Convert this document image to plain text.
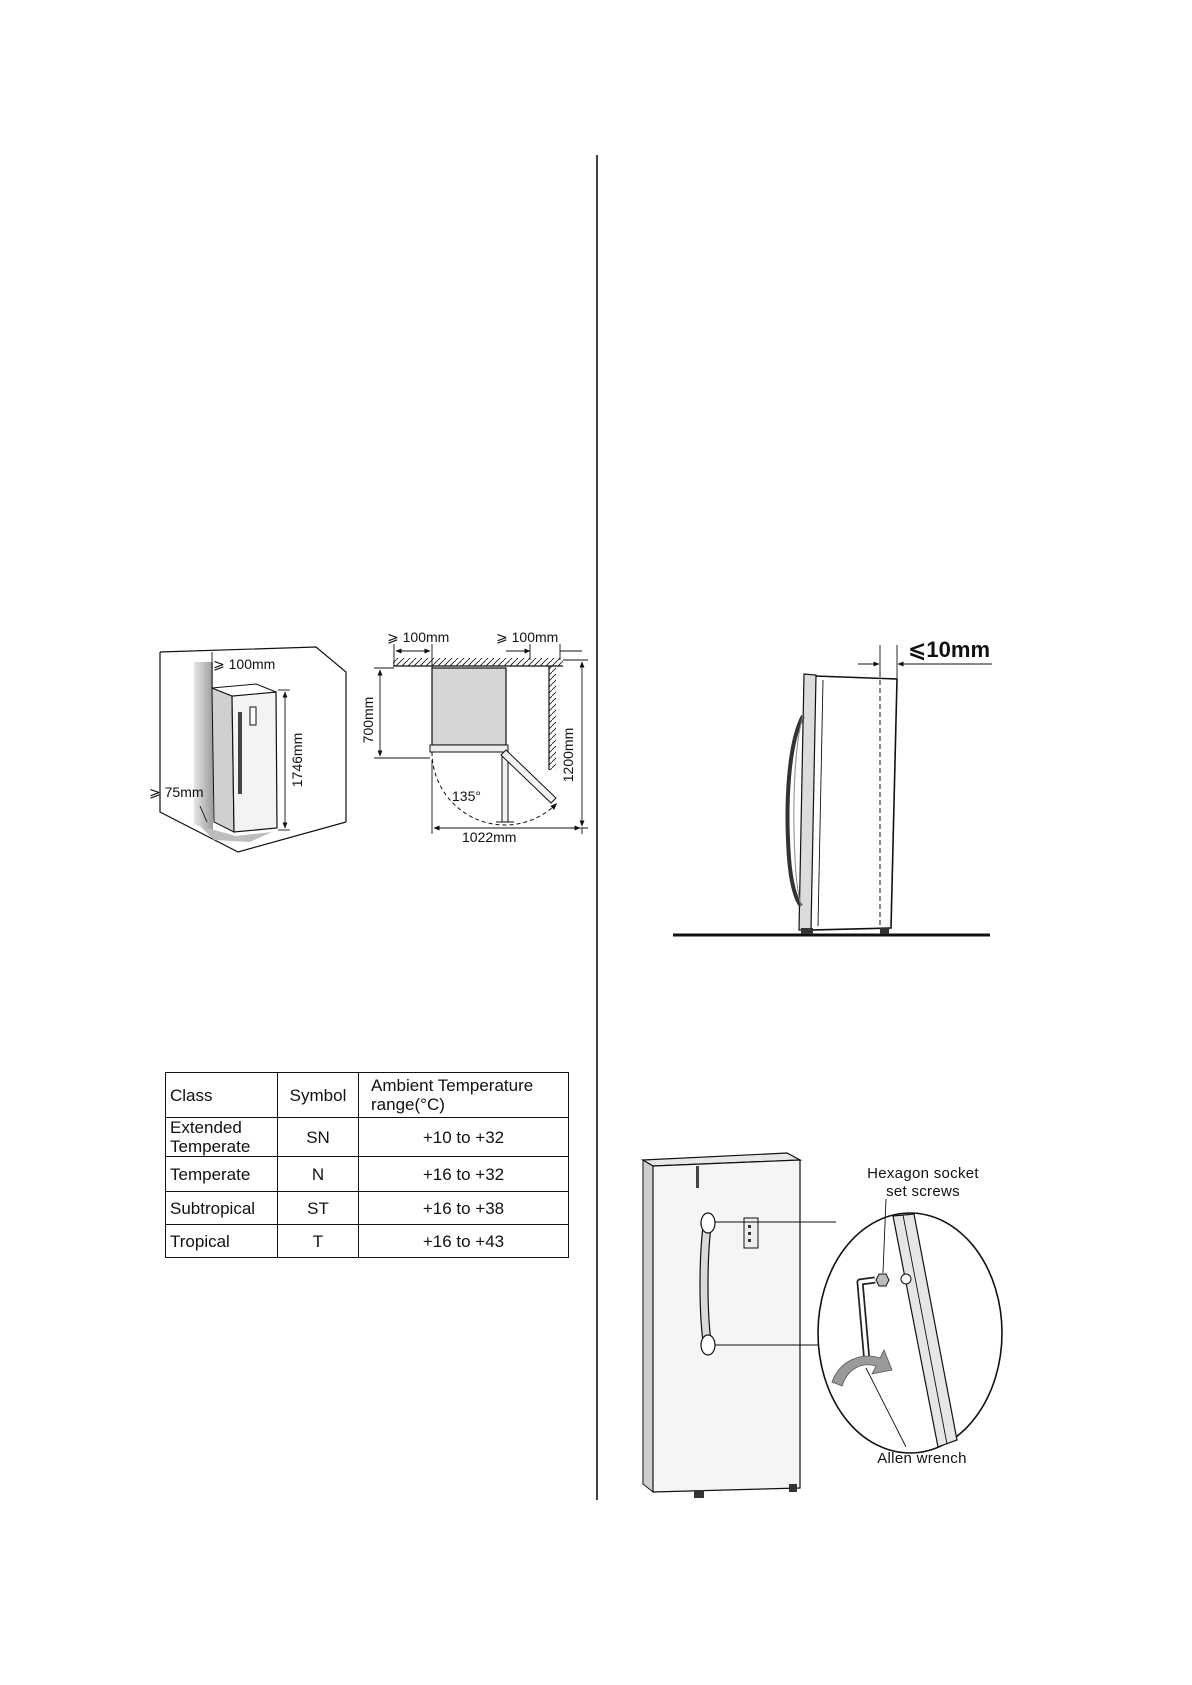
⩾ 100mm
1746mm
⩾ 75mm
⩾ 100mm	⩾ 100mm
135°
700mm
1200mm
1022mm
⩽10mm
Hexagon socket
set screws
Allen wrench
Class	Symbol	Ambient Temperature range(°C)
Extended Temperate	SN	+10 to +32
Temperate	N	+16 to +32
Subtropical	ST	+16 to +38
Tropical	T	+16 to +43
